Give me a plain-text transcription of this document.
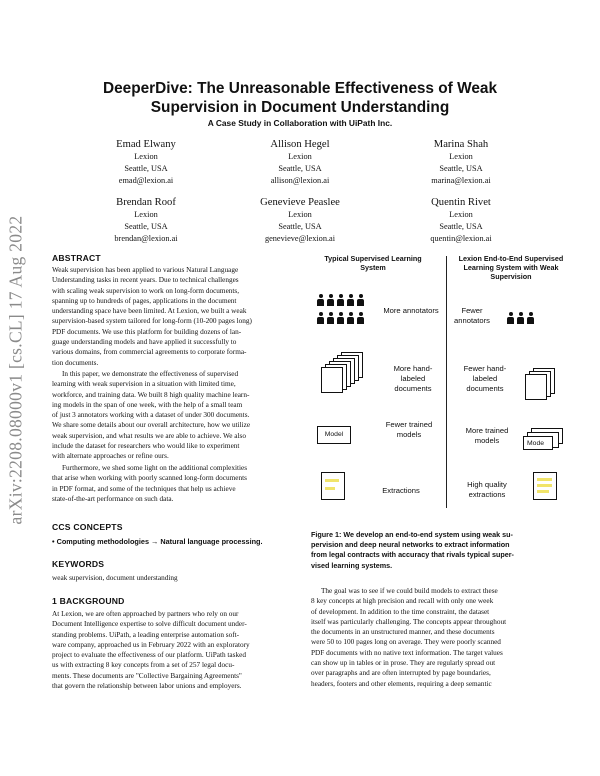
arXiv:2208.08000v1 [cs.CL] 17 Aug 2022
DeeperDive: The Unreasonable Effectiveness of Weak
Supervision in Document Understanding
A Case Study in Collaboration with UiPath Inc.
Emad Elwany
Lexion
Seattle, USA
emad@lexion.ai
Allison Hegel
Lexion
Seattle, USA
allison@lexion.ai
Marina Shah
Lexion
Seattle, USA
marina@lexion.ai
Brendan Roof
Lexion
Seattle, USA
brendan@lexion.ai
Genevieve Peaslee
Lexion
Seattle, USA
genevieve@lexion.ai
Quentin Rivet
Lexion
Seattle, USA
quentin@lexion.ai
ABSTRACT
Weak supervision has been applied to various Natural Language
Understanding tasks in recent years. Due to technical challenges
with scaling weak supervision to work on long-form documents,
spanning up to hundreds of pages, applications in the document
understanding space have been limited. At Lexion, we built a weak
supervision-based system tailored for long-form (10-200 pages long)
PDF documents. We use this platform for building dozens of lan-
guage understanding models and have applied it successfully to
various domains, from commercial agreements to corporate forma-
tion documents.
In this paper, we demonstrate the effectiveness of supervised
learning with weak supervision in a situation with limited time,
workforce, and training data. We built 8 high quality machine learn-
ing models in the span of one week, with the help of a small team
of just 3 annotators working with a dataset of under 300 documents.
We share some details about our overall architecture, how we utilize
weak supervision, and what results we are able to achieve. We also
include the dataset for researchers who would like to experiment
with alternate approaches or refine ours.
Furthermore, we shed some light on the additional complexities
that arise when working with poorly scanned long-form documents
in PDF format, and some of the techniques that help us achieve
state-of-the-art performance on such data.
CCS CONCEPTS
• Computing methodologies → Natural language processing.
KEYWORDS
weak supervision, document understanding
1 BACKGROUND
At Lexion, we are often approached by partners who rely on our
Document Intelligence expertise to solve difficult document under-
standing problems. UiPath, a leading enterprise automation soft-
ware company, approached us in February 2022 with an exploratory
project to evaluate the effectiveness of our platform. UiPath tasked
us with extracting 8 key concepts from a set of 257 legal docu-
ments. These documents are "Collective Bargaining Agreements"
that govern the relationship between labor unions and employers.
Typical Supervised Learning System
Lexion End-to-End Supervised Learning System with Weak Supervision
More annotators	Fewer annotators
More hand-labeled documents
Fewer hand-labeled documents
Model
Fewer trained models	More trained models	Mode
Extractions
High quality extractions
Figure 1: We develop an end-to-end system using weak su-
pervision and deep neural networks to extract information
from legal contracts with accuracy that rivals typical super-
vised learning systems.
The goal was to see if we could build models to extract these
8 key concepts at high precision and recall with only one week
of development. In addition to the time constraint, the dataset
itself was particularly challenging. The concepts appear throughout
the documents in an unstructured manner, and these documents
were 50 to 100 pages long on average. They were poorly scanned
PDF documents with no native text information. The target values
can show up in tables or in prose. They are regularly spread out
over paragraphs and are often interrupted by page boundaries,
headers, footers and other elements, requiring a deep semantic
